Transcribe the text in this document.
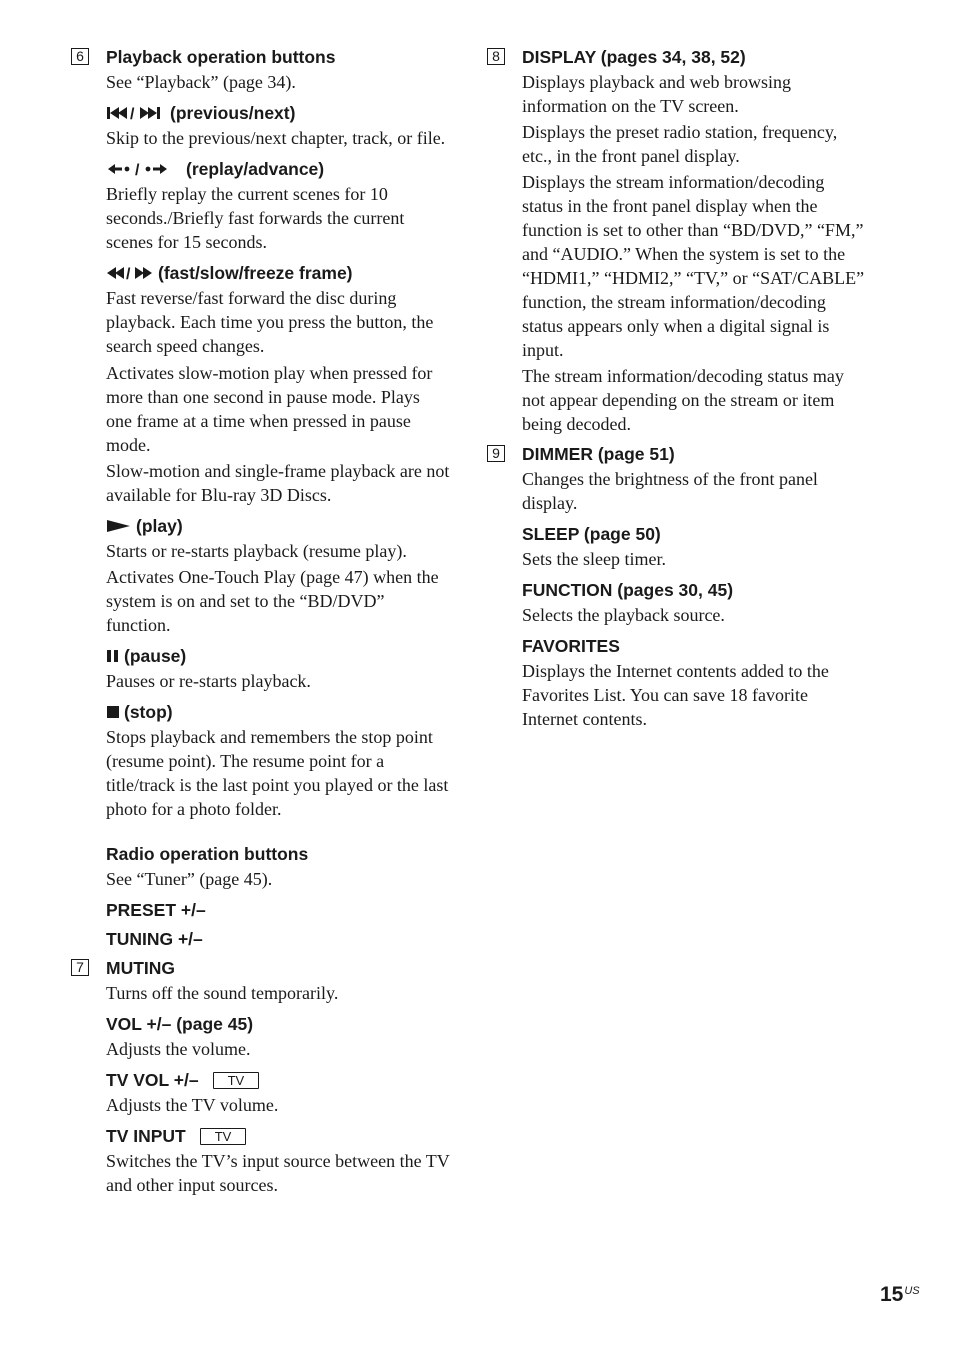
6 Playback operation buttons

See “Playback” (page 34).

/ (previous/next)

Skip to the previous/next chapter, track, or file.

/	(replay/advance)

Briefly replay the current scenes for 10 seconds./Briefly fast forwards the current scenes for 15 seconds.

/ (fast/slow/freeze frame)

Fast reverse/fast forward the disc during playback. Each time you press the button, the search speed changes.

Activates slow-motion play when pressed for more than one second in pause mode. Plays one frame at a time when pressed in pause mode.

Slow-motion and single-frame playback are not available for Blu-ray 3D Discs.

(play)

Starts or re-starts playback (resume play).

Activates One-Touch Play (page 47) when the system is on and set to the “BD/DVD” function.

(pause)

Pauses or re-starts playback.

(stop)

Stops playback and remembers the stop point (resume point). The resume point for a title/track is the last point you played or the last photo for a photo folder.

Radio operation buttons

See “Tuner” (page 45).

PRESET +/–
TUNING +/–
7 MUTING

Turns off the sound temporarily.

VOL +/– (page 45)

Adjusts the volume.

TV VOL +/–	TV

Adjusts the TV volume.

TV INPUT	TV

Switches the TV’s input source between the TV and other input sources.

8 DISPLAY (pages 34, 38, 52)

Displays playback and web browsing information on the TV screen.

Displays the preset radio station, frequency, etc., in the front panel display.

Displays the stream information/decoding status in the front panel display when the function is set to other than “BD/DVD,” “FM,” and “AUDIO.” When the system is set to the “HDMI1,” “HDMI2,” “TV,” or “SAT/CABLE” function, the stream information/decoding status appears only when a digital signal is input.

The stream information/decoding status may not appear depending on the stream or item being decoded.

9 DIMMER (page 51)

Changes the brightness of the front panel display.

SLEEP (page 50)

Sets the sleep timer.

FUNCTION (pages 30, 45)

Selects the playback source.

FAVORITES

Displays the Internet contents added to the Favorites List. You can save 18 favorite Internet contents.

$15^{US}$
